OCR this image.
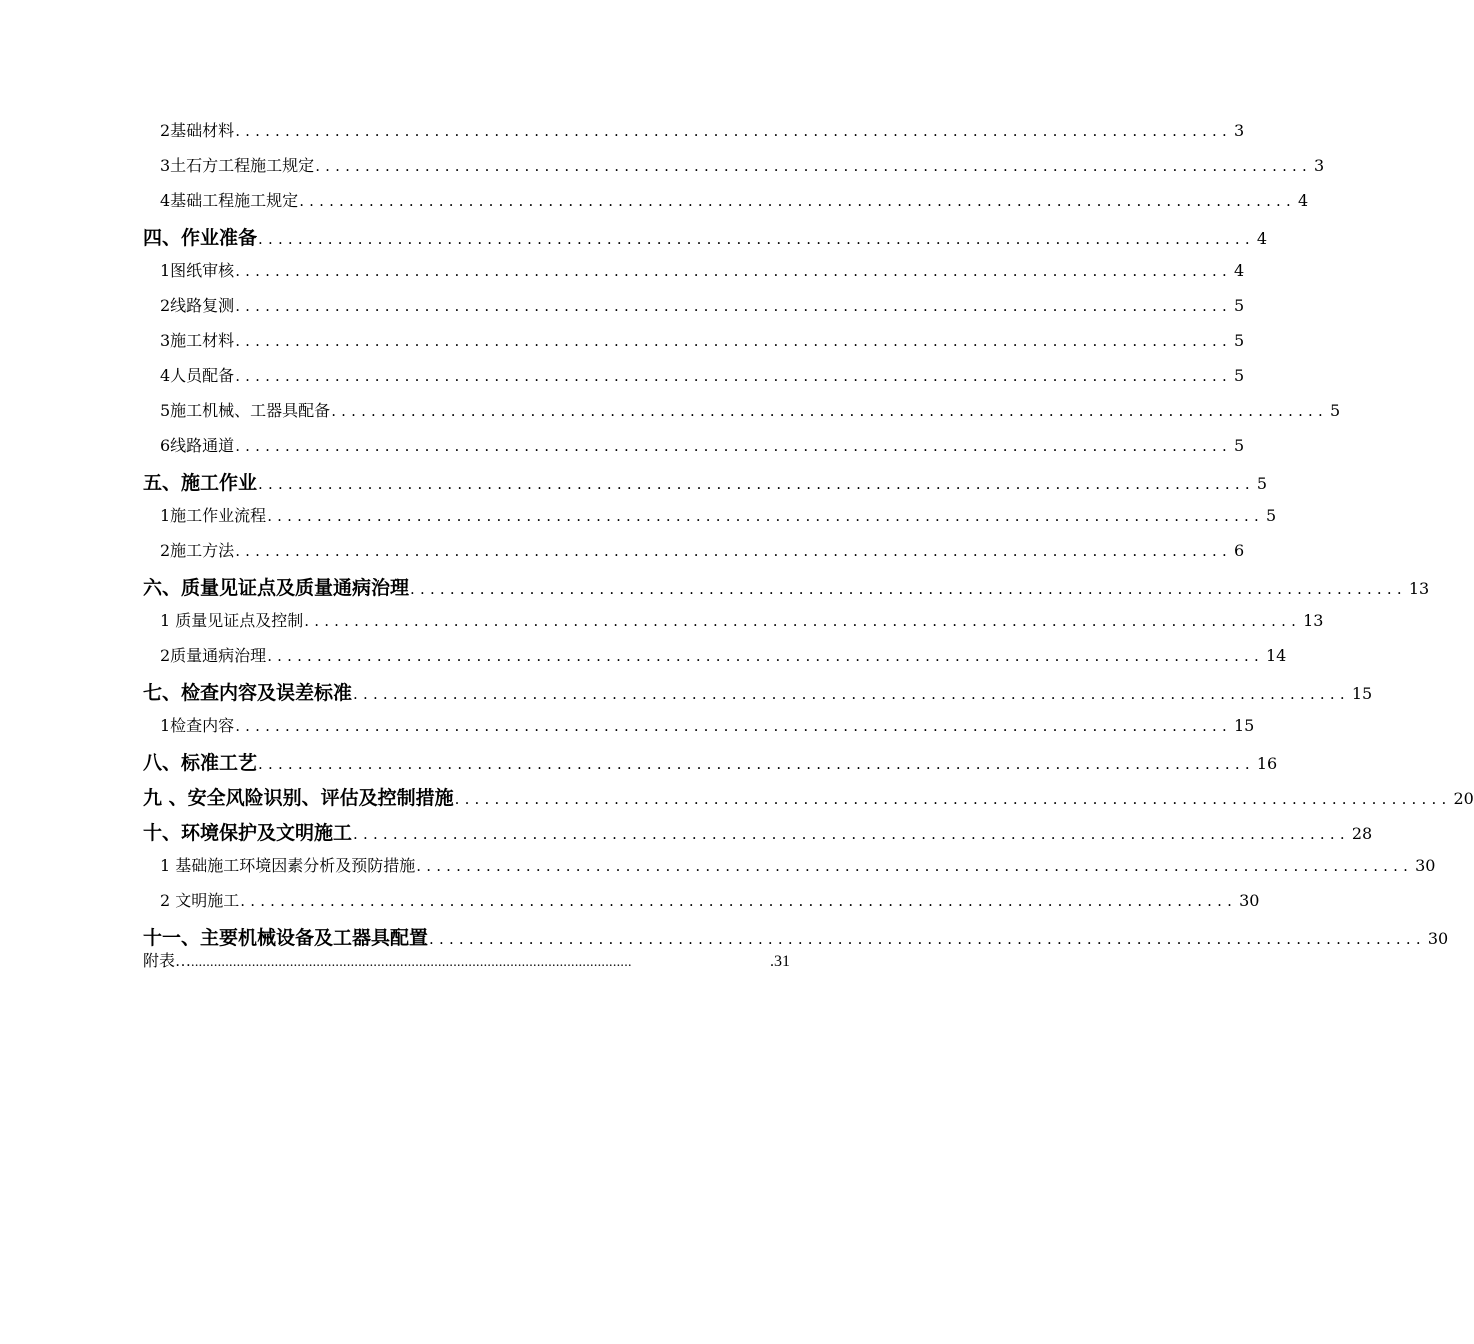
2基础材料 .................................................................................................... 3
3土石方工程施工规定 .................................................................................................... 3
4基础工程施工规定 .................................................................................................... 4
四、作业准备 .................................................................................................... 4
1图纸审核 .................................................................................................... 4
2线路复测 .................................................................................................... 5
3施工材料 .................................................................................................... 5
4人员配备 .................................................................................................... 5
5施工机械、工器具配备 .................................................................................................... 5
6线路通道 .................................................................................................... 5
五、施工作业 .................................................................................................... 5
1施工作业流程 .................................................................................................... 5
2施工方法 .................................................................................................... 6
六、质量见证点及质量通病治理 .................................................................................................... 13
1 质量见证点及控制 .................................................................................................... 13
2质量通病治理 .................................................................................................... 14
七、检查内容及误差标准 .................................................................................................... 15
1检查内容 .................................................................................................... 15
八、标准工艺 .................................................................................................... 16
九 、安全风险识别、评估及控制措施 .................................................................................................... 20
十、环境保护及文明施工 .................................................................................................... 28
1 基础施工环境因素分析及预防措施 .................................................................................................... 30
2 文明施工 .................................................................................................... 30
十一、主要机械设备及工器具配置 .................................................................................................... 30
附表… ....................................................................................................................	.31
